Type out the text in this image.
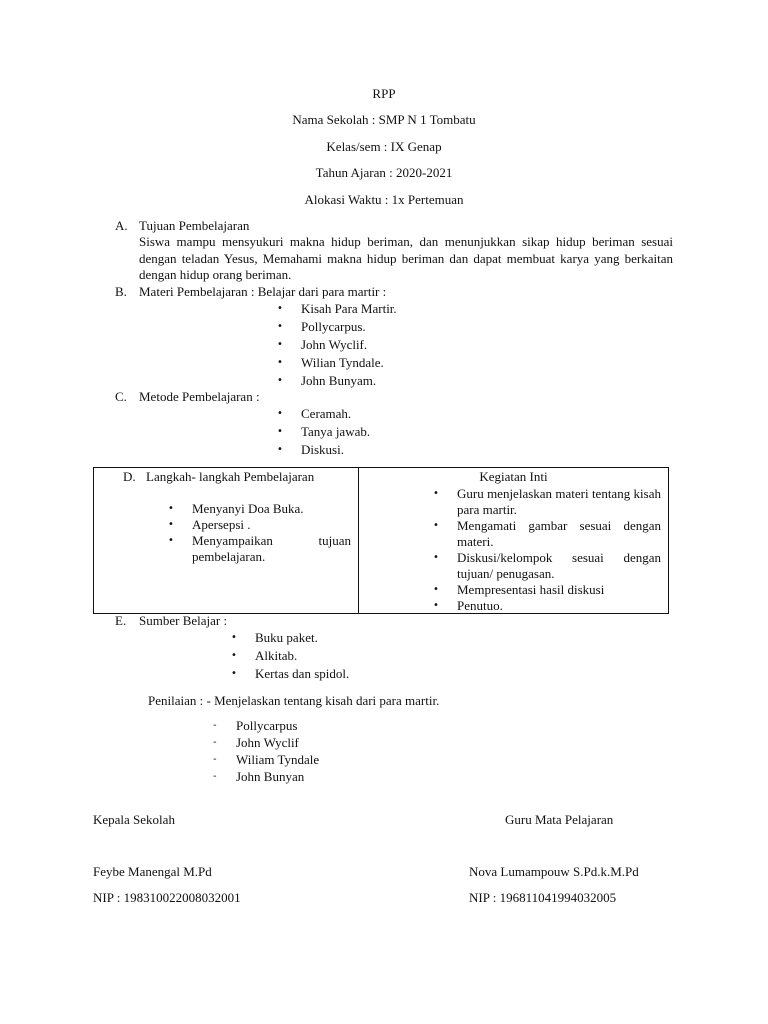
RPP
Nama Sekolah : SMP N 1 Tombatu
Kelas/sem : IX Genap
Tahun Ajaran : 2020-2021
Alokasi Waktu : 1x Pertemuan
A. Tujuan Pembelajaran
Siswa mampu mensyukuri makna hidup beriman, dan menunjukkan sikap hidup beriman sesuai dengan teladan Yesus, Memahami makna hidup beriman dan dapat membuat karya yang berkaitan dengan hidup orang beriman.
B. Materi Pembelajaran : Belajar dari para martir :
• Kisah Para Martir.
• Pollycarpus.
• John Wyclif.
• Wilian Tyndale.
• John Bunyam.
C. Metode Pembelajaran :
• Ceramah.
• Tanya jawab.
• Diskusi.
D. Langkah- langkah Pembelajaran
• Menyanyi Doa Buka.
• Apersepsi .
• Menyampaikan tujuan pembelajaran.
Kegiatan Inti
• Guru menjelaskan materi tentang kisah para martir.
• Mengamati gambar sesuai dengan materi.
• Diskusi/kelompok sesuai dengan tujuan/ penugasan.
• Mempresentasi hasil diskusi
• Penutuo.
E. Sumber Belajar :
• Buku paket.
• Alkitab.
• Kertas dan spidol.
Penilaian : - Menjelaskan tentang kisah dari para martir.
- Pollycarpus
- John Wyclif
- Wiliam Tyndale
- John Bunyan
Kepala Sekolah
Feybe Manengal M.Pd
NIP : 198310022008032001
Guru Mata Pelajaran
Nova Lumampouw S.Pd.k.M.Pd
NIP : 196811041994032005
